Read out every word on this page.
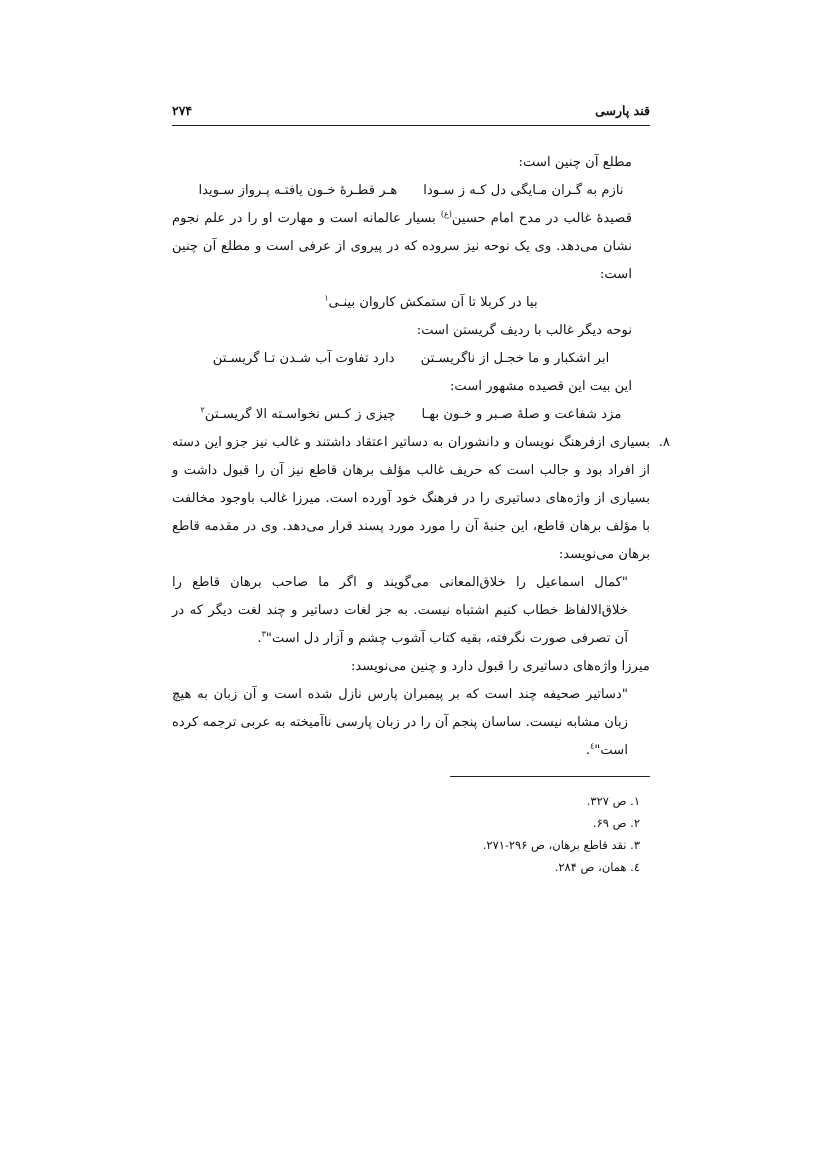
قند پارسی
۲۷۴

مطلع آن چنین است:

نازم به گـران مـایگی دل کـه ز سـودا
هـر قطـرۀ خـون یافتـه پـرواز سـویدا

قصیدۀ غالب در مدح امام حسین$^{(ع)}$ بسیار عالمانه است و مهارت او را در علم نجوم نشان می‌دهد. وی یک نوحه نیز سروده که در پیروی از عرفی است و مطلع آن چنین است:

بیا در کربلا تا آن ستمکش کاروان بینـی$^۱$

نوحه دیگر غالب با ردیف گریستن است:

ابر اشکبار و ما خجـل از ناگریسـتن
دارد تفاوت آب شـدن تـا گریسـتن

این بیت این قصیده مشهور است:

مزد شفاعت و صلۀ صـبر و خـون بهـا
چیزی ز کـس نخواسـته الا گریسـتن$^۲$

۸.
بسیاری ازفرهنگ نویسان و دانشوران به دساتیر اعتقاد داشتند و غالب نیز جزو این دسته از افراد بود و جالب است که حریف غالب مؤلف برهان قاطع نیز آن را قبول داشت و بسیاری از واژه‌های دساتیری را در فرهنگ خود آورده است. میرزا غالب باوجود مخالفت با مؤلف برهان قاطع، این جنبۀ آن را مورد مورد پسند قرار می‌دهد. وی در مقدمه قاطع برهان می‌نویسد:

"کمال اسماعیل را خلاق‌المعانی می‌گویند و اگر ما صاحب برهان قاطع را خلاق‌الالفاظ خطاب کنیم اشتباه نیست. به جز لغات دساتیر و چند لغت دیگر که در آن تصرفی صورت نگرفته، بقیه کتاب آشوب چشم و آزار دل است"$^۳$.

میرزا واژه‌های دساتیری را قبول دارد و چنین می‌نویسد:

"دساتیر صحیفه چند است که بر پیمبران پارس نازل شده است و آن زبان به هیچ زبان مشابه نیست. ساسان پنجم آن را در زبان پارسی ناآمیخته به عربی ترجمه کرده است"$^٤$.

۱. ص ۳۲۷.

۲. ص ۶۹.

۳. نقد قاطع برهان، ص ۲۹۶-۲۷۱.

٤. همان، ص ۲۸۴.
